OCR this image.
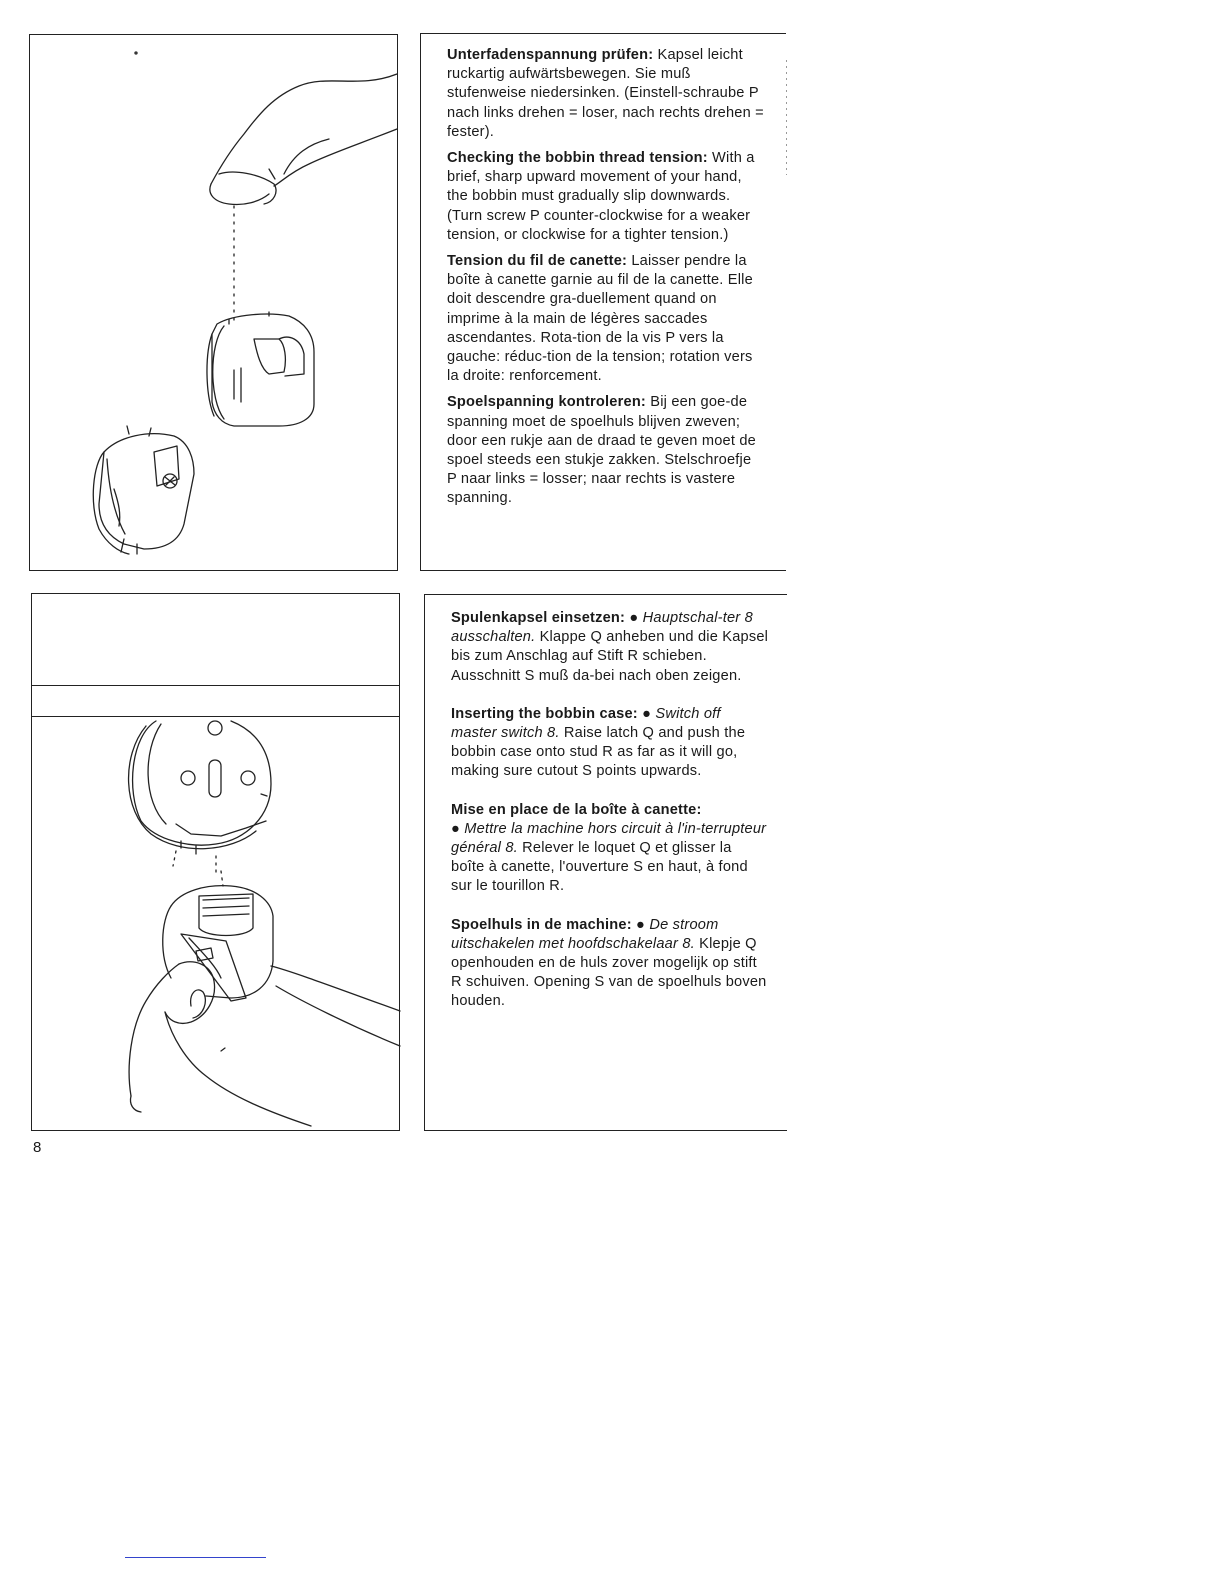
Unterfadenspannung prüfen: Kapsel leicht ruckartig aufwärtsbewegen. Sie muß stufenweise niedersinken. (Einstell-schraube P nach links drehen = loser, nach rechts drehen = fester).

Checking the bobbin thread tension: With a brief, sharp upward movement of your hand, the bobbin must gradually slip downwards. (Turn screw P counter-clockwise for a weaker tension, or clockwise for a tighter tension.)

Tension du fil de canette: Laisser pendre la boîte à canette garnie au fil de la canette. Elle doit descendre gra-duellement quand on imprime à la main de légères saccades ascendantes. Rota-tion de la vis P vers la gauche: réduc-tion de la tension; rotation vers la droite: renforcement.

Spoelspanning kontroleren: Bij een goe-de spanning moet de spoelhuls blijven zweven; door een rukje aan de draad te geven moet de spoel steeds een stukje zakken. Stelschroefje P naar links = losser; naar rechts is vastere spanning.

Spulenkapsel einsetzen: ● Hauptschal-ter 8 ausschalten. Klappe Q anheben und die Kapsel bis zum Anschlag auf Stift R schieben. Ausschnitt S muß da-bei nach oben zeigen.

Inserting the bobbin case: ● Switch off master switch 8. Raise latch Q and push the bobbin case onto stud R as far as it will go, making sure cutout S points upwards.

Mise en place de la boîte à canette:
● Mettre la machine hors circuit à l'in-terrupteur général 8. Relever le loquet Q et glisser la boîte à canette, l'ouverture S en haut, à fond sur le tourillon R.

Spoelhuls in de machine: ● De stroom uitschakelen met hoofdschakelaar 8. Klepje Q openhouden en de huls zover mogelijk op stift R schuiven. Opening S van de spoelhuls boven houden.

8
